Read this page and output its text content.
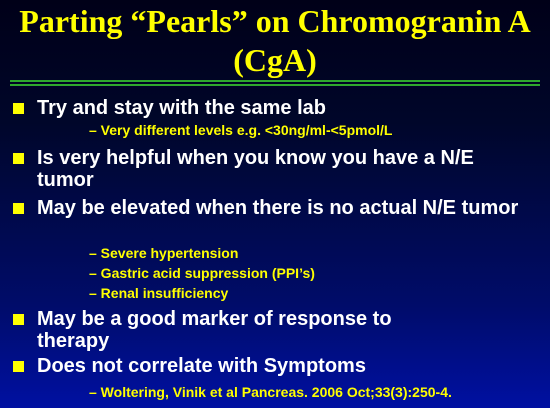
Parting “Pearls” on Chromogranin A (CgA)
Try and stay with the same lab
– Very different levels e.g. <30ng/ml-<5pmol/L
Is very helpful when you know you have a N/E tumor
May be elevated when there is no actual N/E tumor
– Severe hypertension
– Gastric acid suppression (PPI’s)
– Renal insufficiency
May be a good marker of response to therapy
Does not correlate with Symptoms
– Woltering, Vinik et al Pancreas. 2006 Oct;33(3):250-4.
